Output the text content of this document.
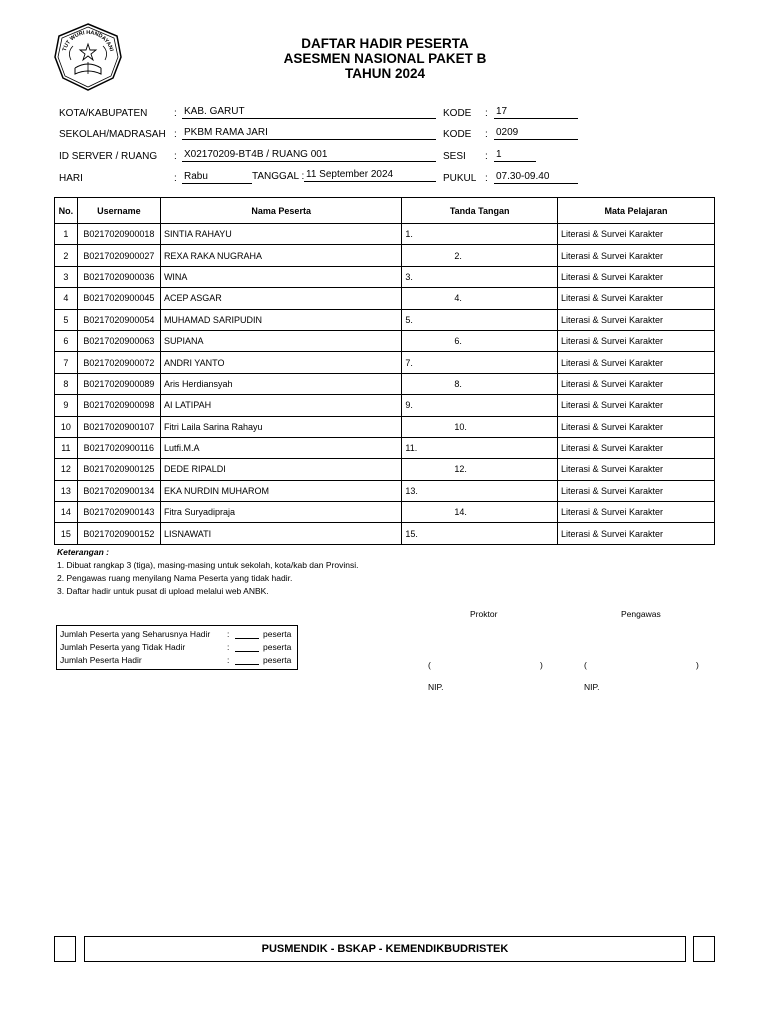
TUT WURI HANDAYANI	DAFTAR HADIR PESERTA
ASESMEN NASIONAL PAKET B
TAHUN 2024
KOTA/KABUPATEN	: KAB. GARUT
SEKOLAH/MADRASAH : PKBM RAMA JARI
ID SERVER / RUANG : X02170209-BT4B / RUANG 001
HARI	: Rabu	TANGGAL : 11 September 2024
KODE : 17
KODE : 0209
SESI : 1
PUKUL : 07.30-09.40
No.	Username	Nama Peserta	Tanda Tangan	Mata Pelajaran
1	B0217020900018	SINTIA RAHAYU	1.	Literasi & Survei Karakter
2	B0217020900027	REXA RAKA NUGRAHA	2.	Literasi & Survei Karakter
3	B0217020900036	WINA	3.	Literasi & Survei Karakter
4	B0217020900045	ACEP ASGAR	4.	Literasi & Survei Karakter
5	B0217020900054	MUHAMAD SARIPUDIN	5.	Literasi & Survei Karakter
6	B0217020900063	SUPIANA	6.	Literasi & Survei Karakter
7	B0217020900072	ANDRI YANTO	7.	Literasi & Survei Karakter
8	B0217020900089	Aris Herdiansyah	8.	Literasi & Survei Karakter
9	B0217020900098	AI LATIPAH	9.	Literasi & Survei Karakter
10	B0217020900107	Fitri Laila Sarina Rahayu	10.	Literasi & Survei Karakter
11	B0217020900116	Lutfi.M.A	11.	Literasi & Survei Karakter
12	B0217020900125	DEDE RIPALDI	12.	Literasi & Survei Karakter
13	B0217020900134	EKA NURDIN MUHAROM	13.	Literasi & Survei Karakter
14	B0217020900143	Fitra Suryadipraja	14.	Literasi & Survei Karakter
15	B0217020900152	LISNAWATI	15.	Literasi & Survei Karakter
Keterangan :
1. Dibuat rangkap 3 (tiga), masing-masing untuk sekolah, kota/kab dan Provinsi.
2. Pengawas ruang menyilang Nama Peserta yang tidak hadir.
3. Daftar hadir untuk pusat di upload melalui web ANBK.
Proktor	Pengawas
(	)	(	)
NIP.	NIP.
Jumlah Peserta yang Seharusnya Hadir :	peserta
Jumlah Peserta yang Tidak Hadir	:	peserta
Jumlah Peserta Hadir	:	peserta
PUSMENDIK - BSKAP - KEMENDIKBUDRISTEK
